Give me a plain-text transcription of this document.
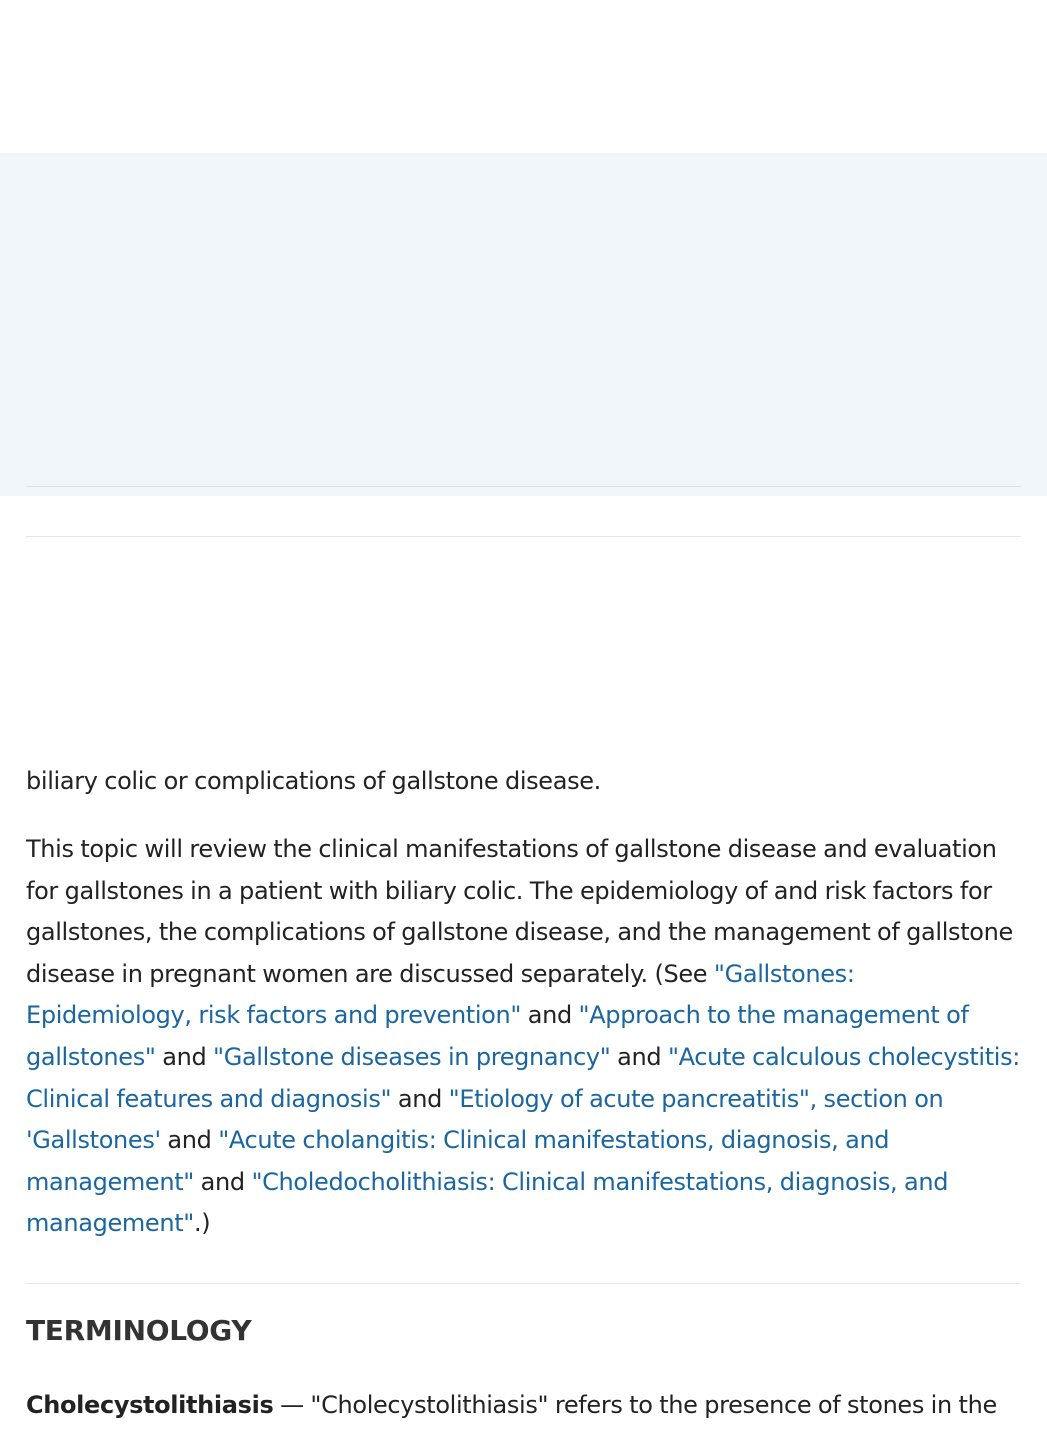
biliary colic or complications of gallstone disease.

This topic will review the clinical manifestations of gallstone disease and evaluation for gallstones in a patient with biliary colic. The epidemiology of and risk factors for gallstones, the complications of gallstone disease, and the management of gallstone disease in pregnant women are discussed separately. (See "Gallstones: Epidemiology, risk factors and prevention" and "Approach to the management of gallstones" and "Gallstone diseases in pregnancy" and "Acute calculous cholecystitis: Clinical features and diagnosis" and "Etiology of acute pancreatitis", section on 'Gallstones' and "Acute cholangitis: Clinical manifestations, diagnosis, and management" and "Choledocholithiasis: Clinical manifestations, diagnosis, and management".)

TERMINOLOGY

Cholecystolithiasis — "Cholecystolithiasis" refers to the presence of stones in the
